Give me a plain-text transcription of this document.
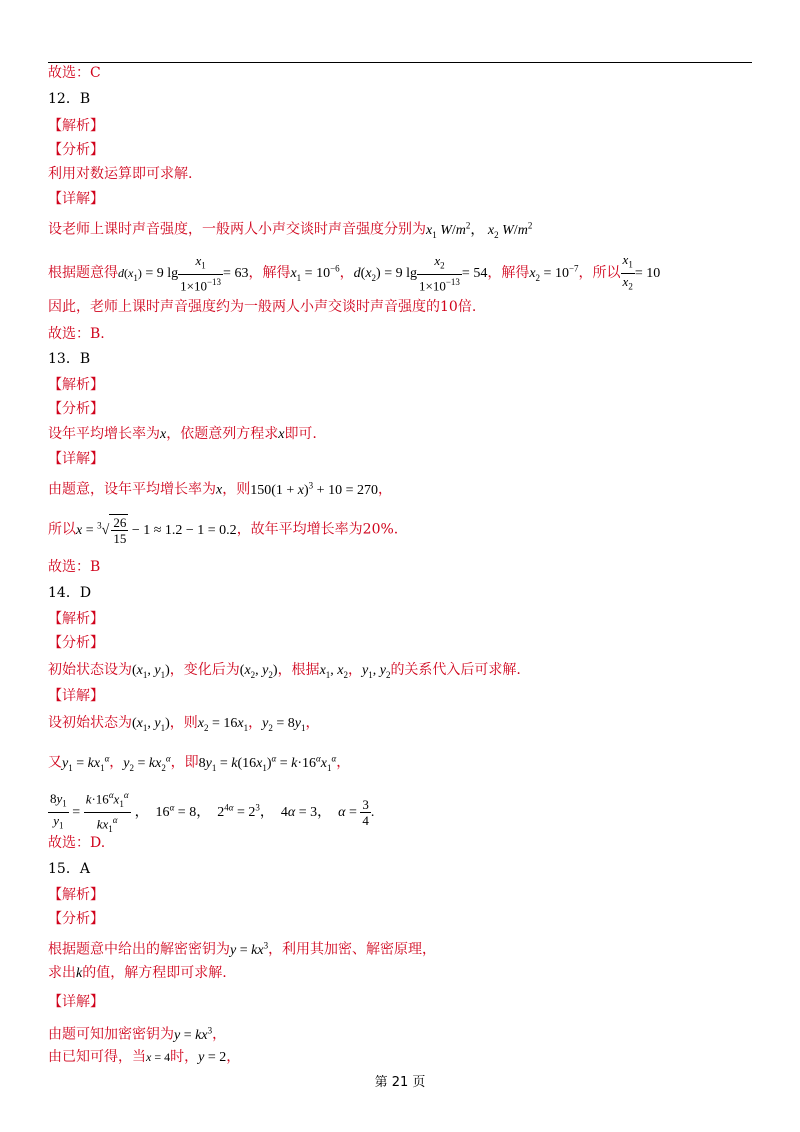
故选：C
12．B
【解析】
【分析】
利用对数运算即可求解.
【详解】
设老师上课时声音强度，一般两人小声交谈时声音强度分别为$x_1$ $W/m^2$， $x_2$ $W/m^2$
根据题意得$d(x_1) = 9$ $\lg \frac{x_1}{1\times 10^{-13}} = 63$，解得$x_1 = 10^{-6}$，$d(x_2) = 9$ $\lg \frac{x_2}{1\times 10^{-13}} = 54$，解得$x_2 = 10^{-7}$，所以 $\frac{x_1}{x_2} = 10$
因此，老师上课时声音强度约为一般两人小声交谈时声音强度的10倍.
故选：B.
13．B
【解析】
【分析】
设年平均增长率为x，依题意列方程求x即可.
【详解】
由题意，设年平均增长率为x，则$150(1 + x)^3 + 10 = 270$，
所以$x = ^3√ \frac{26}{15} - 1 \approx 1.2 - 1 = 0.2$，故年平均增长率为20%.
故选：B
14．D
【解析】
【分析】
初始状态设为($x_1$, $y_1$)，变化后为($x_2$, $y_2$)，根据$x_1$, $x_2$，$y_1$, $y_2$的关系代入后可求解.
【详解】
设初始状态为($x_1$, $y_1$)，则$x_2 = 16x_1$，$y_2 = 8y_1$，
又$y_1 = kx_1^\alpha$，$y_2 = kx_2^\alpha$，即$8y_1 = k(16x_1)^\alpha = k\cdot 16^\alpha x_1^\alpha$，
$\frac{8y_1}{y_1} = \frac{k\cdot 16^\alpha x_1^\alpha}{kx_1^\alpha}$ ，  $16^\alpha = 8$，  $2^{4\alpha} = 2^3$，  4α = 3，  $\alpha = \frac{3}{4}$ .
故选：D.
15．A
【解析】
【分析】
根据题意中给出的解密密钥为$y = kx^3$，利用其加密、解密原理，
求出k的值，解方程即可求解.
【详解】
由题可知加密密钥为$y = kx^3$，
由已知可得，当x = 4时，y = 2，
第 21 页
